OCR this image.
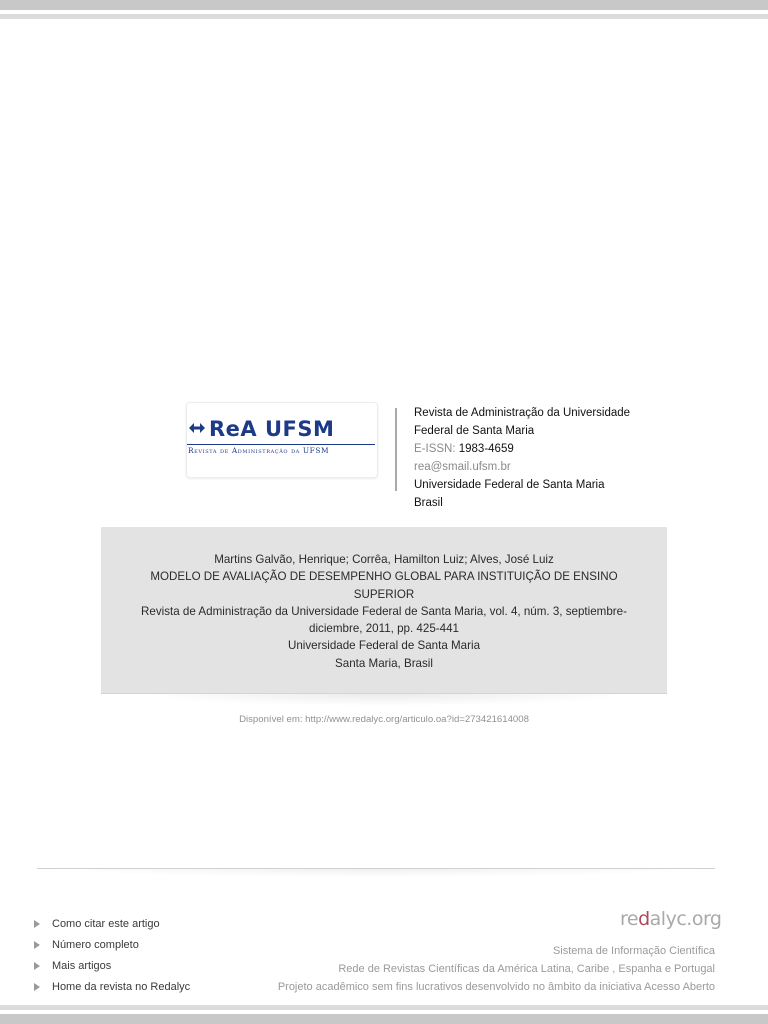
ReA UFSM
Revista de Administração da UFSM
Revista de Administração da Universidade
Federal de Santa Maria
E-ISSN: 1983-4659
rea@smail.ufsm.br
Universidade Federal de Santa Maria
Brasil
Martins Galvão, Henrique; Corrêa, Hamilton Luiz; Alves, José Luiz
MODELO DE AVALIAÇÃO DE DESEMPENHO GLOBAL PARA INSTITUIÇÃO DE ENSINO SUPERIOR
Revista de Administração da Universidade Federal de Santa Maria, vol. 4, núm. 3, septiembre-diciembre, 2011, pp. 425-441
Universidade Federal de Santa Maria
Santa Maria, Brasil
Disponível em: http://www.redalyc.org/articulo.oa?id=273421614008
Como citar este artigo
Número completo
Mais artigos
Home da revista no Redalyc
redalyc.org
Sistema de Informação Científica
Rede de Revistas Científicas da América Latina, Caribe , Espanha e Portugal
Projeto acadêmico sem fins lucrativos desenvolvido no âmbito da iniciativa Acesso Aberto
